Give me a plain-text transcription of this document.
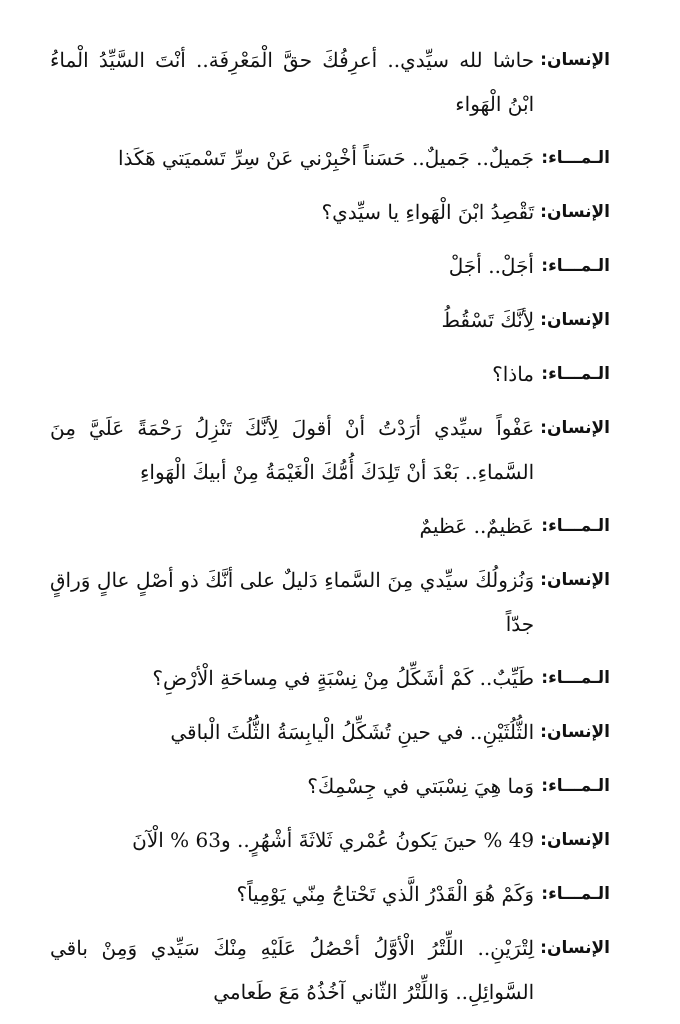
الإنسان:
حاشا لله سيِّدي.. أعرِفُكَ حقَّ الْمَعْرِفَة.. أنْتَ السَّيِّدُ الْماءُ ابْنُ الْهَواء
الـمـــاء:
جَميلٌ.. جَميلٌ.. حَسَناً أخْبِرْني عَنْ سِرِّ تَسْميَتي هَكَذا
الإنسان:
تَقْصِدُ ابْنَ الْهَواءِ يا سيِّدي؟
الـمـــاء:
أجَلْ.. أجَلْ
الإنسان:
لِأنَّكَ تَسْقُطُ
الـمـــاء:
ماذا؟
الإنسان:
عَفْواً سيِّدي أرَدْتُ أنْ أقولَ لِأنَّكَ تَنْزِلُ رَحْمَةً عَلَيَّ مِنَ السَّماءِ.. بَعْدَ أنْ تَلِدَكَ أُمُّكَ الْغَيْمَةُ مِنْ أبيكَ الْهَواءِ
الـمـــاء:
عَظيمٌ.. عَظيمٌ
الإنسان:
وَنُزولُكَ سيِّدي مِنَ السَّماءِ دَليلٌ على أنَّكَ ذو أصْلٍ عالٍ وَراقٍ جدّاً
الـمـــاء:
طَيِّبٌ.. كَمْ أشَكِّلُ مِنْ نِسْبَةٍ في مِساحَةِ الْأرْضِ؟
الإنسان:
الثُّلُثَيْنِ.. في حينِ تُشَكِّلُ الْيابِسَةُ الثُّلُثَ الْباقي
الـمـــاء:
وَما هِيَ نِسْبَتي في جِسْمِكَ؟
الإنسان:
49 % حينَ يَكونُ عُمْري ثَلاثَةَ أشْهُرٍ.. و63 % الْآنَ
الـمـــاء:
وَكَمْ هُوَ الْقَدْرُ الَّذي تَحْتاجُ مِنّي يَوْمِياً؟
الإنسان:
لِتْرَيْنِ.. اللِّتْرُ الْأوَّلُ أحْصُلُ عَلَيْهِ مِنْكَ سَيِّدي وَمِنْ باقي السَّوائِلِ.. وَاللِّتْرُ الثّاني آخُذُهُ مَعَ طَعامي
